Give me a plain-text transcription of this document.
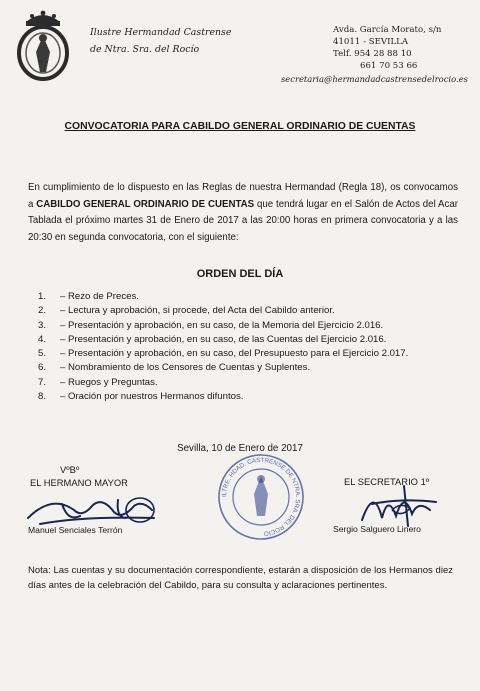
Ilustre Hermandad Castrense
de Ntra. Sra. del Rocío
Avda. García Morato, s/n
41011 - SEVILLA
Telf. 954 28 88 10
661 70 53 66
secretaria@hermandadcastrensedelrocio.es
CONVOCATORIA PARA CABILDO GENERAL ORDINARIO DE CUENTAS
En cumplimiento de lo dispuesto en las Reglas de nuestra Hermandad (Regla 18), os convocamos a CABILDO GENERAL ORDINARIO DE CUENTAS que tendrá lugar en el Salón de Actos del Acar Tablada el próximo martes 31 de Enero de 2017 a las 20:00 horas en primera convocatoria y a las 20:30 en segunda convocatoria, con el siguiente:
ORDEN DEL DÍA
1. – Rezo de Preces.
2. – Lectura y aprobación, si procede, del Acta del Cabildo anterior.
3. – Presentación y aprobación, en su caso, de la Memoria del Ejercicio 2.016.
4. – Presentación y aprobación, en su caso, de las Cuentas del Ejercicio 2.016.
5. – Presentación y aprobación, en su caso, del Presupuesto para el Ejercicio 2.017.
6. – Nombramiento de los Censores de Cuentas y Suplentes.
7. – Ruegos y Preguntas.
8. – Oración por nuestros Hermanos difuntos.
Sevilla, 10 de Enero de 2017
VºBº
EL HERMANO MAYOR	EL SECRETARIO 1º
ILTRE. HDAD. CASTRENSE DE NTRA. SRA. DEL ROCÍO
Manuel Senciales Terrón	Sergio Salguero Linero
Nota: Las cuentas y su documentación correspondiente, estarán a disposición de los Hermanos diez días antes de la celebración del Cabildo, para su consulta y aclaraciones pertinentes.
